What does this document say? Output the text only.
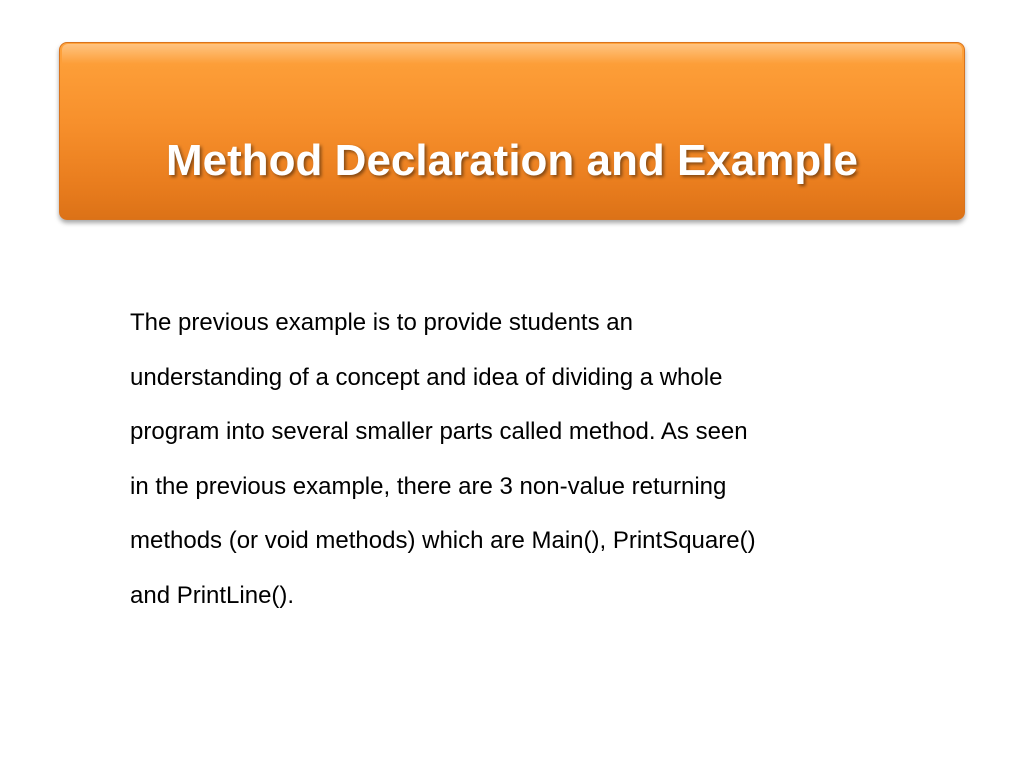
Method Declaration and Example

The previous example is to provide students an
understanding of a concept and idea of dividing a whole
program into several smaller parts called method. As seen
in the previous example, there are 3 non-value returning
methods (or void methods) which are Main(), PrintSquare()
and PrintLine().
